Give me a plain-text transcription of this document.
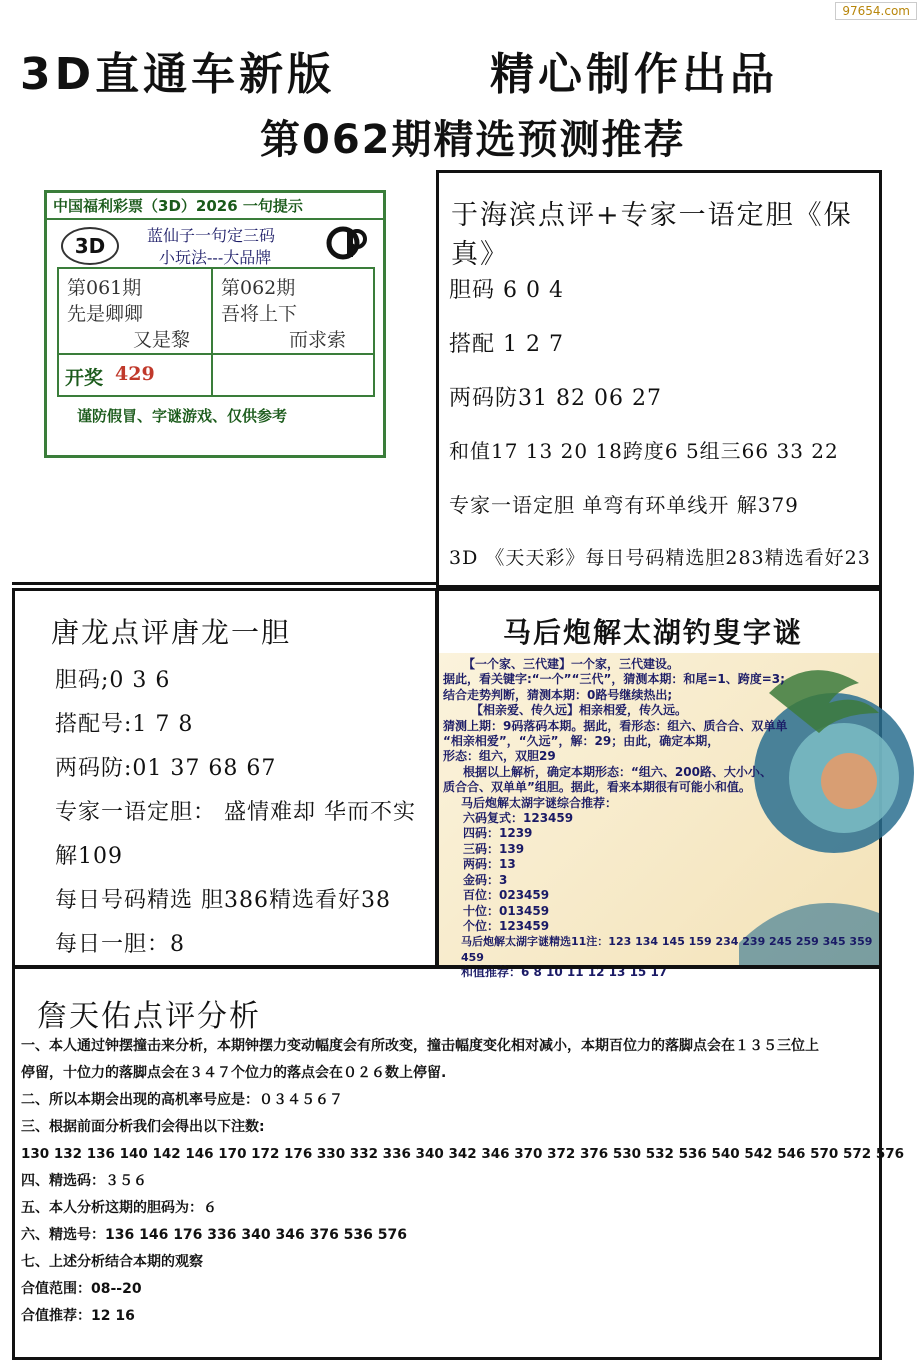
97654.com
3D直通车新版	精心制作出品
第062期精选预测推荐
中国福利彩票（3D）2026 一句提示
3D	蓝仙子一句定三码
小玩法---大品牌
第061期
先是卿卿
又是黎
第062期
吾将上下
而求索
开奖 429
谨防假冒、字谜游戏、仅供参考
于海滨点评+专家一语定胆《保真》
胆码 6 0 4
搭配 1 2 7
两码防31 82 06 27
和值17 13 20 18跨度6 5组三66 33 22
专家一语定胆 单弯有环单线开 解379
3D 《天天彩》每日号码精选胆283精选看好23
唐龙点评唐龙一胆
胆码;0 3 6
搭配号:1 7 8
两码防:01 37 68 67
专家一语定胆： 盛情难却 华而不实
解109
每日号码精选 胆386精选看好38
每日一胆：8
马后炮解太湖钓叟字谜
【一个家、三代建】一个家，三代建设。
据此，看关键字:“一个”“三代”，猜测本期：和尾=1、跨度=3;
结合走势判断，猜测本期：0路号继续热出;
【相亲爱、传久远】相亲相爱，传久远。
猜测上期：9码落码本期。据此，看形态：组六、质合合、双单单
“相亲相爱”，“久远”，解：29；由此，确定本期，
形态：组六，双胆29
根据以上解析，确定本期形态：“组六、200路、大小小、
质合合、双单单”组胆。据此，看来本期很有可能小和值。
马后炮解太湖字谜综合推荐：
六码复式：123459
四码：1239
三码：139
两码：13
金码：3
百位：023459
十位：013459
个位：123459
马后炮解太湖字谜精选11注：123 134 145 159 234 239 245 259 345 359 459
和值推荐：6 8 10 11 12 13 15 17
詹天佑点评分析
一、本人通过钟摆撞击来分析，本期钟摆力变动幅度会有所改变，撞击幅度变化相对减小，本期百位力的落脚点会在１３５三位上
停留，十位力的落脚点会在３４７个位力的落点会在０２６数上停留.
二、所以本期会出现的高机率号应是：０３４５６７
三、根据前面分析我们会得出以下注数:
130 132 136 140 142 146 170 172 176 330 332 336 340 342 346 370 372 376 530 532 536 540 542 546 570 572 576
四、精选码：３５６
五、本人分析这期的胆码为：６
六、精选号：136 146 176 336 340 346 376 536 576
七、上述分析结合本期的观察
合值范围：08--20
合值推荐：12 16
